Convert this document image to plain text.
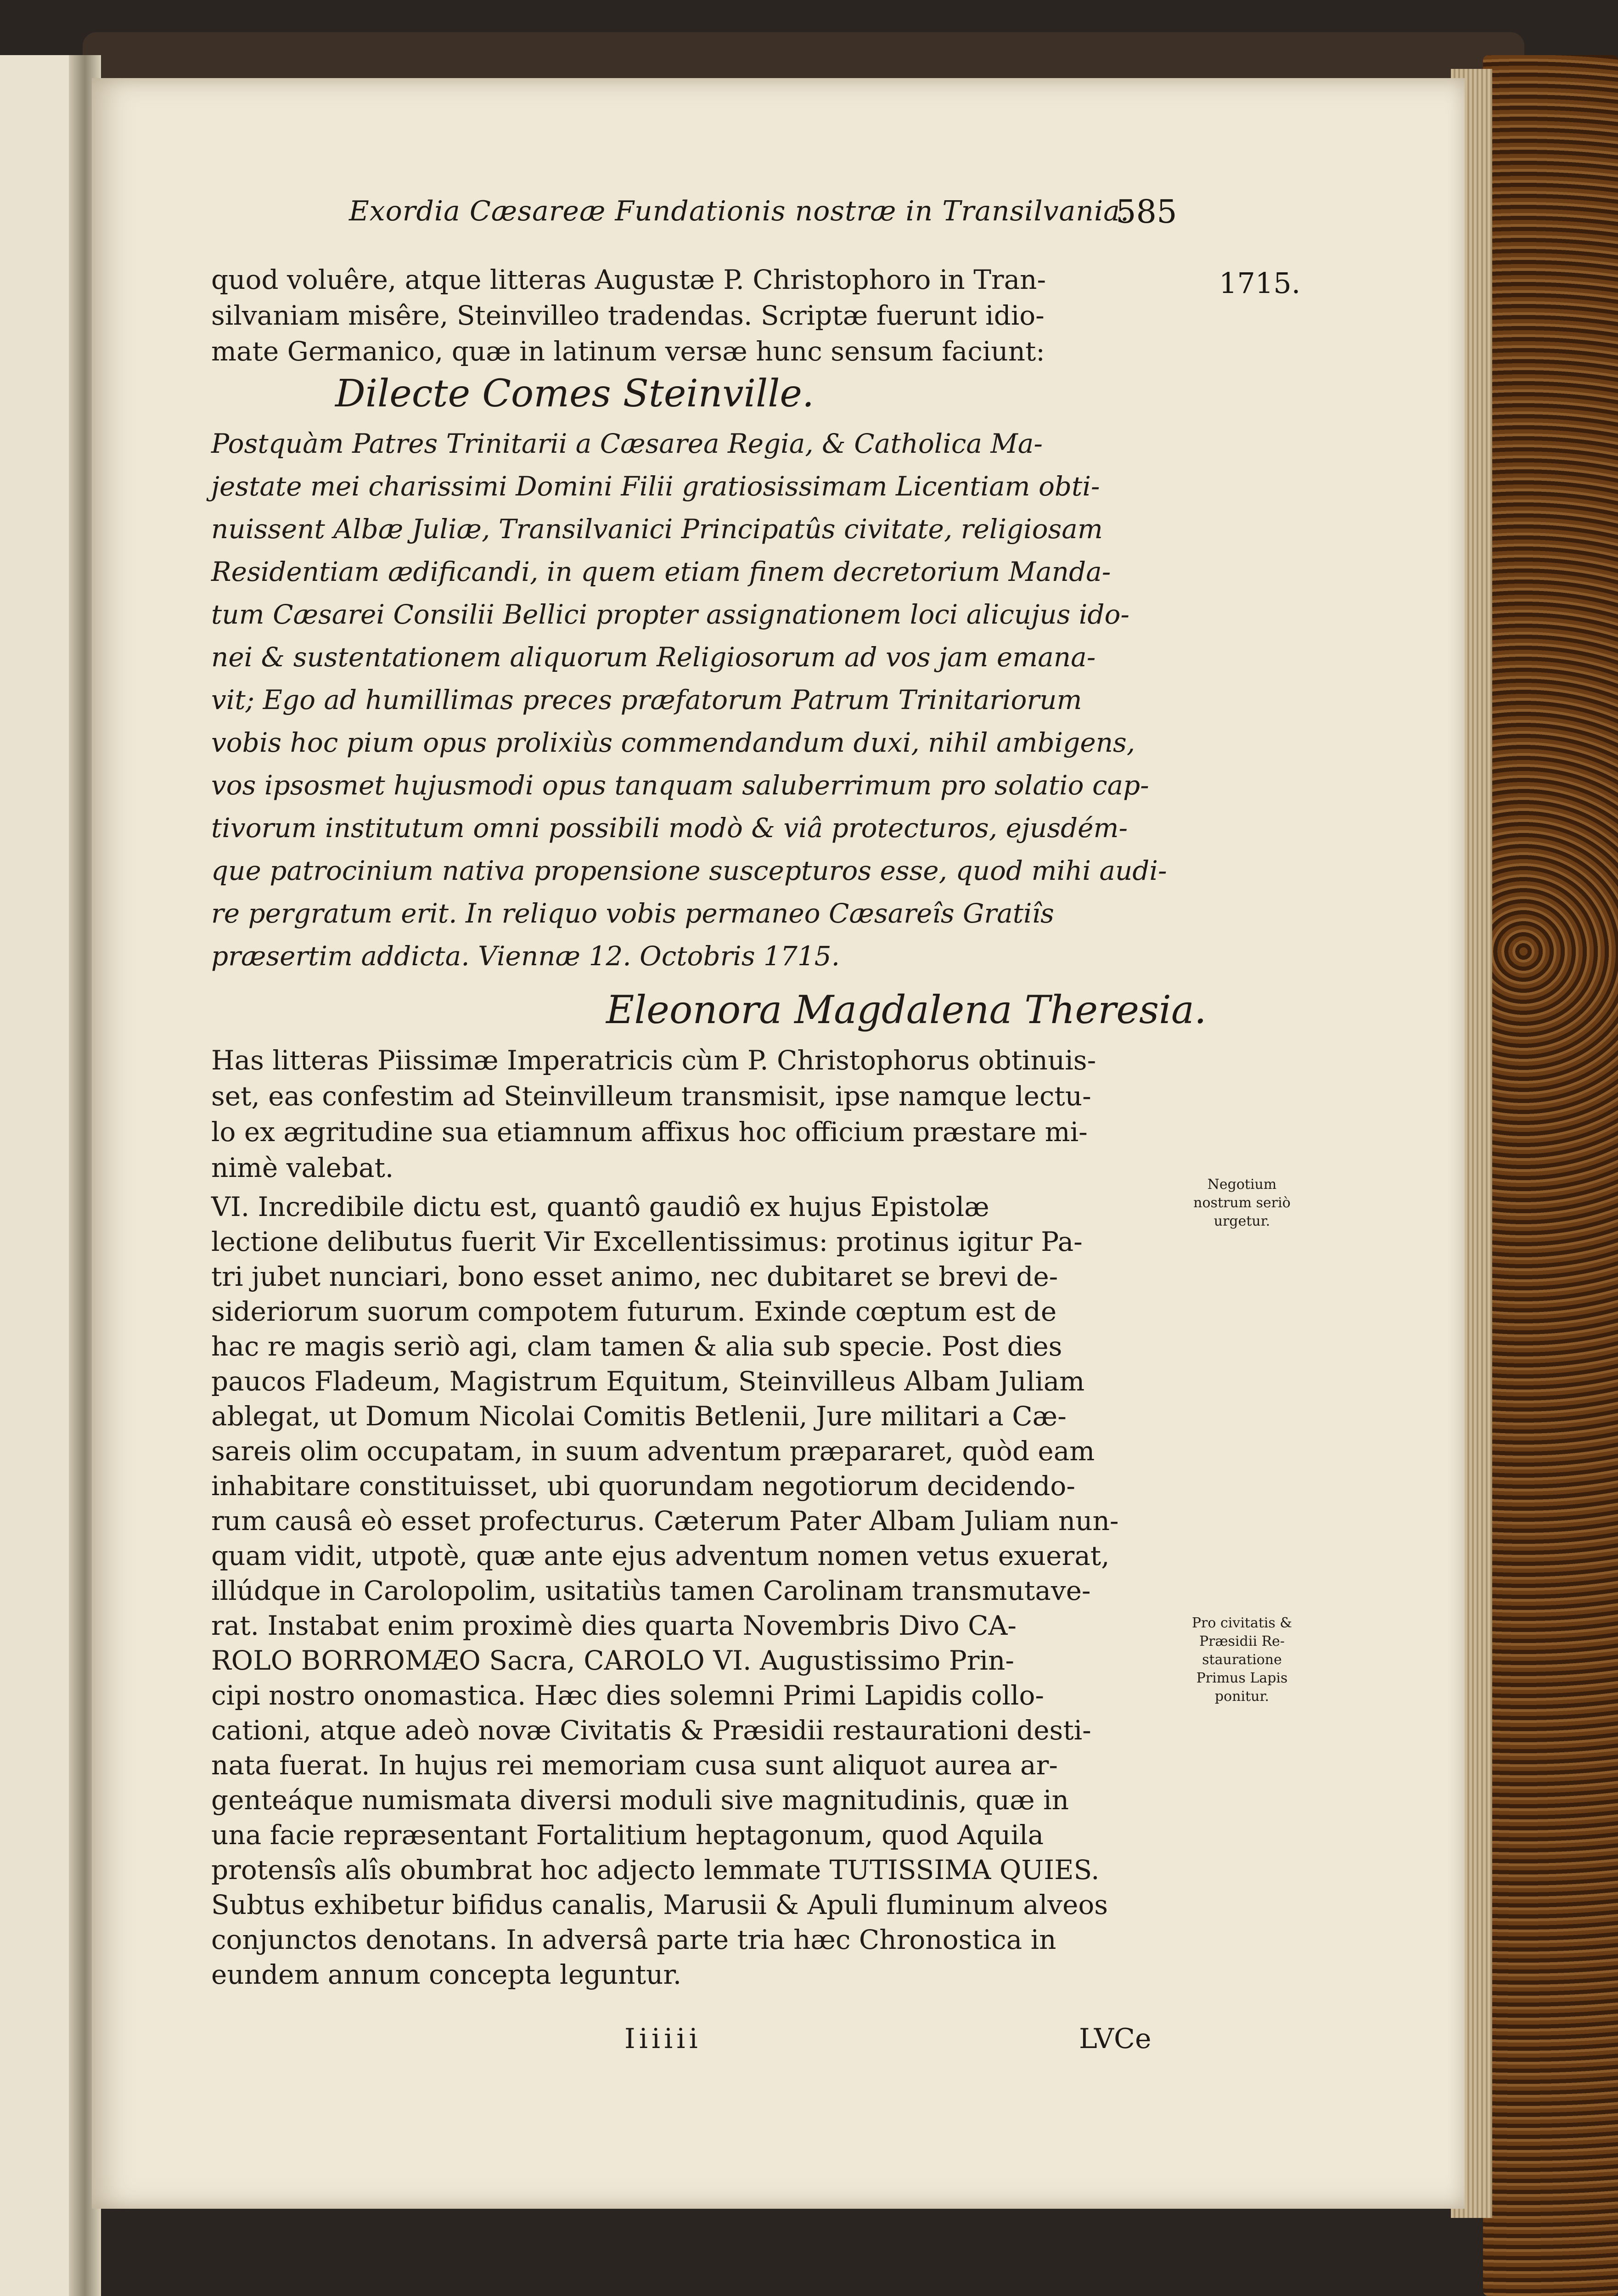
Exordia Cæsareæ Fundationis nostræ in Transilvania.
585
1715.
quod voluêre, atque litteras Augustæ P. Christophoro in Tran-
silvaniam misêre, Steinvilleo tradendas. Scriptæ fuerunt idio-
mate Germanico, quæ in latinum versæ hunc sensum faciunt:
Dilecte Comes Steinville.
Postquàm Patres Trinitarii a Cæsarea Regia, & Catholica Ma-
jestate mei charissimi Domini Filii gratiosissimam Licentiam obti-
nuissent Albæ Juliæ, Transilvanici Principatûs civitate, religiosam
Residentiam ædificandi, in quem etiam finem decretorium Manda-
tum Cæsarei Consilii Bellici propter assignationem loci alicujus ido-
nei & sustentationem aliquorum Religiosorum ad vos jam emana-
vit; Ego ad humillimas preces præfatorum Patrum Trinitariorum
vobis hoc pium opus prolixiùs commendandum duxi, nihil ambigens,
vos ipsosmet hujusmodi opus tanquam saluberrimum pro solatio cap-
tivorum institutum omni possibili modò & viâ protecturos, ejusdém-
que patrocinium nativa propensione suscepturos esse, quod mihi audi-
re pergratum erit. In reliquo vobis permaneo Cæsareîs Gratiîs
præsertim addicta. Viennæ 12. Octobris 1715.
Eleonora Magdalena Theresia.
Has litteras Piissimæ Imperatricis cùm P. Christophorus obtinuis-
set, eas confestim ad Steinvilleum transmisit, ipse namque lectu-
lo ex ægritudine sua etiamnum affixus hoc officium præstare mi-
nimè valebat.
VI. Incredibile dictu est, quantô gaudiô ex hujus Epistolæ
lectione delibutus fuerit Vir Excellentissimus: protinus igitur Pa-
tri jubet nunciari, bono esset animo, nec dubitaret se brevi de-
sideriorum suorum compotem futurum. Exinde cœptum est de
hac re magis seriò agi, clam tamen & alia sub specie. Post dies
paucos Fladeum, Magistrum Equitum, Steinvilleus Albam Juliam
ablegat, ut Domum Nicolai Comitis Betlenii, Jure militari a Cæ-
sareis olim occupatam, in suum adventum præpararet, quòd eam
inhabitare constituisset, ubi quorundam negotiorum decidendo-
rum causâ eò esset profecturus. Cæterum Pater Albam Juliam nun-
quam vidit, utpotè, quæ ante ejus adventum nomen vetus exuerat,
illúdque in Carolopolim, usitatiùs tamen Carolinam transmutave-
rat. Instabat enim proximè dies quarta Novembris Divo CA-
ROLO BORROMÆO Sacra, CAROLO VI. Augustissimo Prin-
cipi nostro onomastica. Hæc dies solemni Primi Lapidis collo-
cationi, atque adeò novæ Civitatis & Præsidii restaurationi desti-
nata fuerat. In hujus rei memoriam cusa sunt aliquot aurea ar-
genteáque numismata diversi moduli sive magnitudinis, quæ in
una facie repræsentant Fortalitium heptagonum, quod Aquila
protensîs alîs obumbrat hoc adjecto lemmate TUTISSIMA QUIES.
Subtus exhibetur bifidus canalis, Marusii & Apuli fluminum alveos
conjunctos denotans. In adversâ parte tria hæc Chronostica in
eundem annum concepta leguntur.
Negotium
nostrum seriò
urgetur.
Pro civitatis &
Præsidii Re-
stauratione
Primus Lapis
ponitur.
Iiiiii	LVCe
